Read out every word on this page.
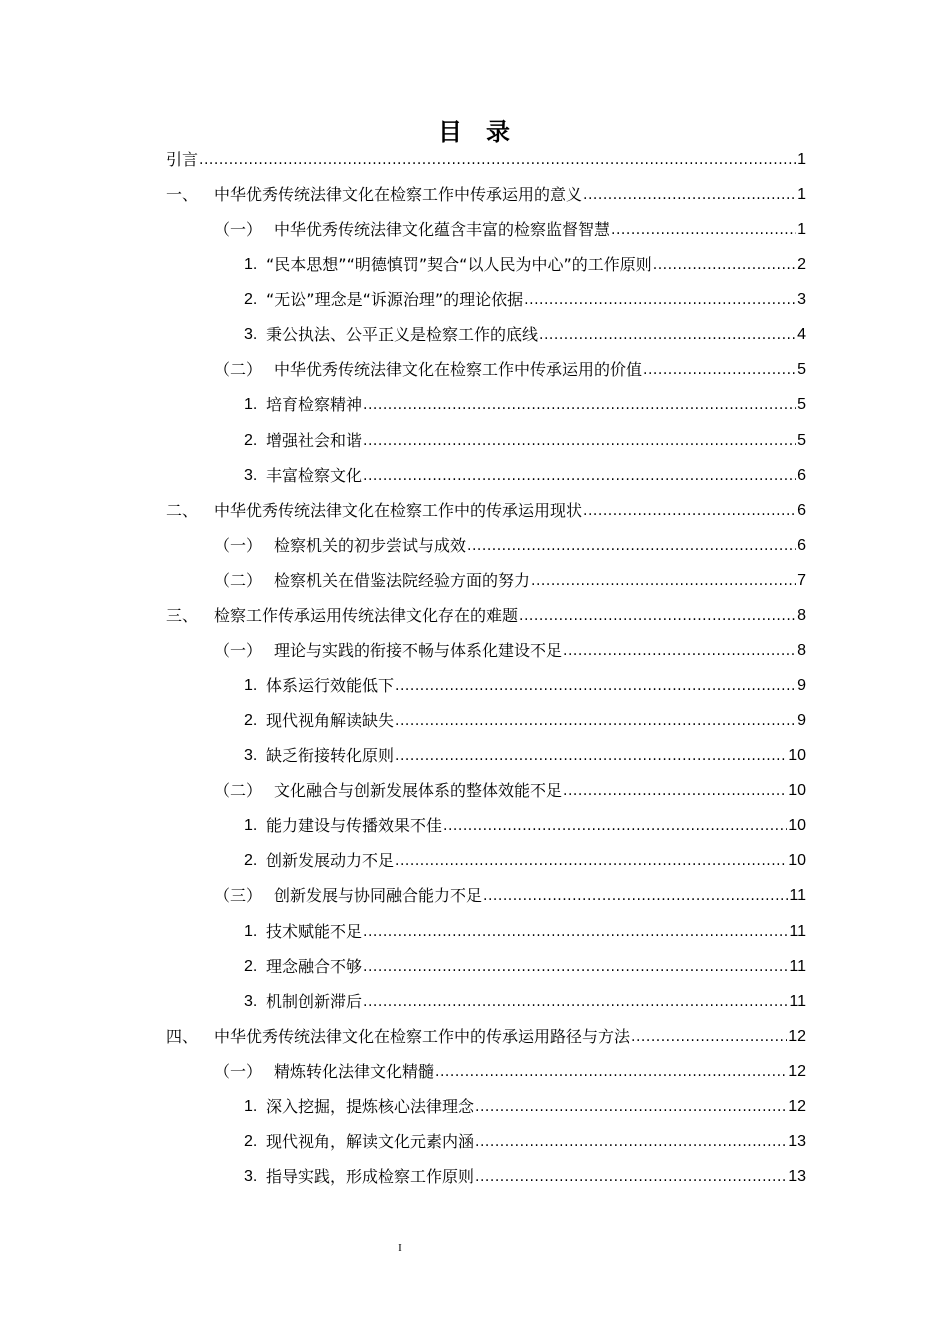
目 录
引言 .....	1
一、 中华优秀传统法律文化在检察工作中传承运用的意义 .....	1
（一） 中华优秀传统法律文化蕴含丰富的检察监督智慧 .....	1
1. “民本思想”“明德慎罚”契合“以人民为中心”的工作原则 .....	2
2. “无讼”理念是“诉源治理”的理论依据 .....	3
3. 秉公执法、公平正义是检察工作的底线 .....	4
（二） 中华优秀传统法律文化在检察工作中传承运用的价值 .....	5
1. 培育检察精神 .....	5
2. 增强社会和谐 .....	5
3. 丰富检察文化 .....	6
二、 中华优秀传统法律文化在检察工作中的传承运用现状 .....	6
（一） 检察机关的初步尝试与成效 .....	6
（二） 检察机关在借鉴法院经验方面的努力 .....	7
三、 检察工作传承运用传统法律文化存在的难题 .....	8
（一） 理论与实践的衔接不畅与体系化建设不足 .....	8
1. 体系运行效能低下 .....	9
2. 现代视角解读缺失 .....	9
3. 缺乏衔接转化原则 .....	10
（二） 文化融合与创新发展体系的整体效能不足 .....	10
1. 能力建设与传播效果不佳 .....	10
2. 创新发展动力不足 .....	10
（三） 创新发展与协同融合能力不足 .....	11
1. 技术赋能不足 .....	11
2. 理念融合不够 .....	11
3. 机制创新滞后 .....	11
四、 中华优秀传统法律文化在检察工作中的传承运用路径与方法 .....	12
（一） 精炼转化法律文化精髓 .....	12
1. 深入挖掘，提炼核心法律理念 .....	12
2. 现代视角，解读文化元素内涵 .....	13
3. 指导实践，形成检察工作原则 .....	13
I
